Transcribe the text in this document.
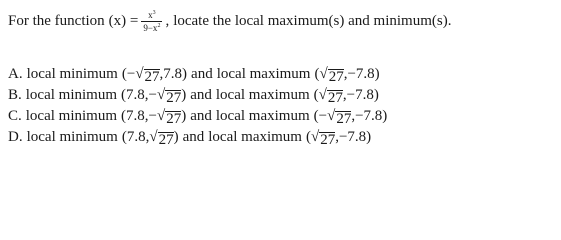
For the function $(x) = \frac{x^3}{9-x^2}$ , locate the local maximum(s) and minimum(s).
A. local minimum (− √ 27 ,7.8) and local maximum ( √ 27 ,−7.8)
B. local minimum (7.8,− √ 27 ) and local maximum ( √ 27 ,−7.8)
C. local minimum (7.8,− √ 27 ) and local maximum (− √ 27 ,−7.8)
D. local minimum (7.8, √ 27 ) and local maximum ( √ 27 ,−7.8)
